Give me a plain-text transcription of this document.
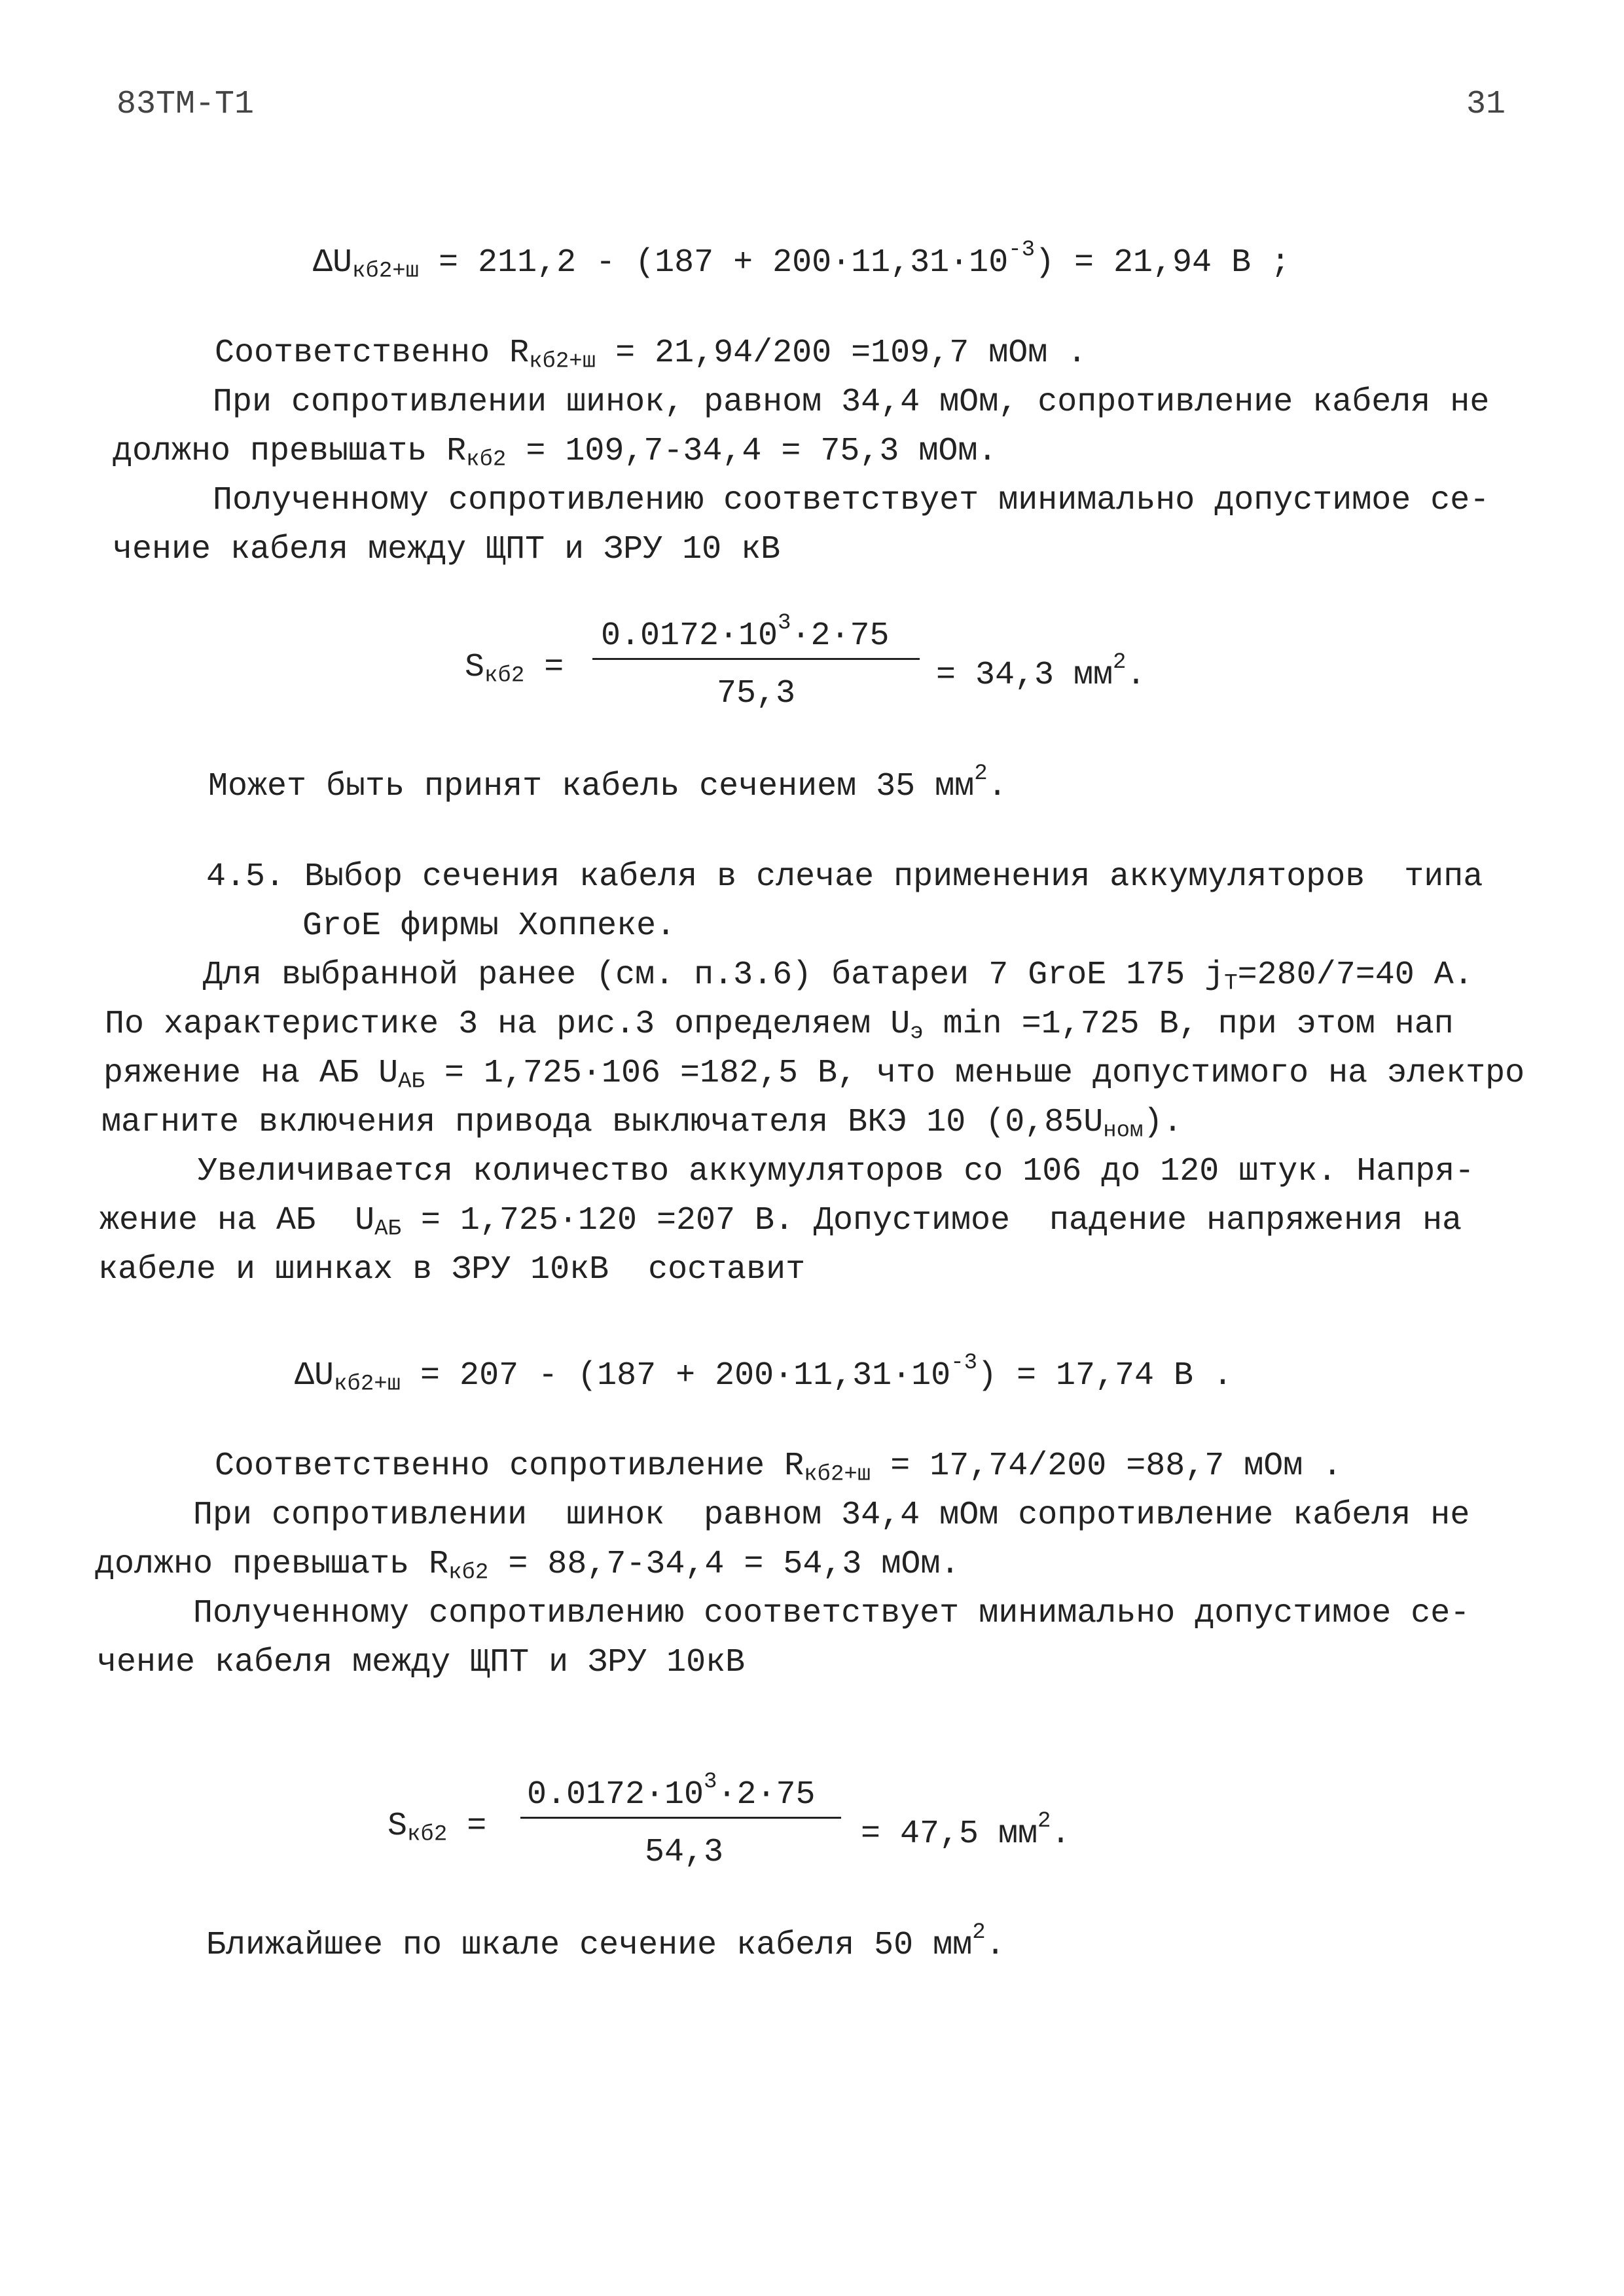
83ТМ-Т1	31
$\Delta U_{кб2+ш} = 211,2 - (187 + 200\cdot 11,31\cdot 10^{-3}) = 21,94$ В ;
Соответственно $R_{кб2+ш} = 21,94/200 =109,7$ мОм .
При сопротивлении шинок, равном 34,4 мОм, сопротивление кабеля не
должно превышать $R_{кб2} = 109,7-34,4 = 75,3$ мОм.
Полученному сопротивлению соответствует минимально допустимое се-
чение кабеля между ЩПТ и ЗРУ 10 кВ
$S_{кб2}$ =
$0.0172\cdot 10^3\cdot 2\cdot 75$
75,3	= 34,3 $мм^2$.
Может быть принят кабель сечением 35 $мм^2$.
4.5. Выбор сечения кабеля в слечае применения аккумуляторов  типа
GroE фирмы Хоппеке.
Для выбранной ранее (см. п.3.6) батареи 7 GroE 175 $j_T=280/7=40$ А.
По характеристике 3 на рис.3 определяем $U_э$ min =1,725 В, при этом нап
ряжение на АБ $U_{АБ} = 1,725\cdot 106 =182,5$ В, что меньше допустимого на электро
магните включения привода выключателя ВКЭ 10 $(0,85U_{ном})$.
Увеличивается количество аккумуляторов со 106 до 120 штук. Напря-
жение на АБ  $U_{АБ} = 1,725\cdot 120 =207$ В. Допустимое  падение напряжения на
кабеле и шинках в ЗРУ 10кВ  составит
$\Delta U_{кб2+ш} = 207 - (187 + 200\cdot 11,31\cdot 10^{-3}) = 17,74$ В .
Соответственно сопротивление $R_{кб2+ш} = 17,74/200 =88,7$ мОм .
При сопротивлении  шинок  равном 34,4 мОм сопротивление кабеля не
должно превышать $R_{кб2} = 88,7-34,4 = 54,3$ мОм.
Полученному сопротивлению соответствует минимально допустимое се-
чение кабеля между ЩПТ и ЗРУ 10кВ
$S_{кб2}$ =
$0.0172\cdot 10^3\cdot 2\cdot 75$
54,3	= 47,5 $мм^2$.
Ближайшее по шкале сечение кабеля 50 $мм^2$.
